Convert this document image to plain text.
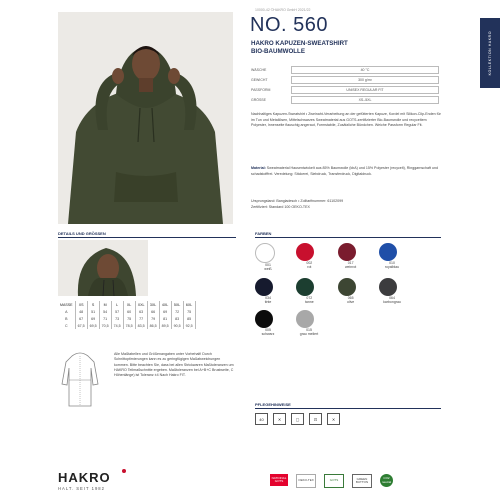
10000-42 ©HAKRO GmbH 2021/22
KOLLEKTION HAKRO
NO. 560
HAKRO KAPUZEN-SWEATSHIRT
BIO-BAUMWOLLE
WÄSCHE	40 °C
GEWICHT	300 g/m²
PASSFORM	UNISEX REGULAR FIT
GRÖSSE	XS–5XL
Nachhaltiges Kapuzen-Sweatshirt • Zweinaht-Verarbeitung an der gefütterten Kapuze, Kordel mit Silikon-Clip-Enden für im Tun und Metallösen, Mittelschwarzes Sweatmaterial aus GOTS-zertifizierter Bio-Baumwolle und recyceltem Polyester, Innenseite flauschig angeraut, Formstabile, Zusätzliche Bündchen. Weiche Passform Regular Fit.
Material: Sweatmaterial Hausentwickelt aus 85% Baumwolle (kbA) und 15% Polyester (recycelt), Ringgarnschaft und schadstofffrei. Veredelung: Stickerei, Siebdruck, Transferdruck, Digitaldruck.
Ursprungsland: Bangladesch • Zolltarifnummer: 61102099
Zertifiziert: Standard 100 OEKO-TEX
DETAILS UND GRÖSSEN
MASSE	XS	S	M	L	XL	XXL	3XL	4XL	5XL	6XL
A	48	51	54	57	60	63	66	69	72	75
B	67	69	71	73	75	77	79	81	83	85
C	67,5	69,5	70,5	74,5	78,5	83,5	86,5	89,5	90,5	92,5
Alle Maßtabellen und Größenangaben unter Vorbehalt! Durch Schnittoptimierungen kann es zu geringfügigen Maßabweichungen kommen. Bitte beachten Sie, dass bei allen Strickwaren Maßtoleranzen um HAKRO Teilmaßschnitte ergeben. Maßtoleranzen bei A+B+C Brustweite, C Höhenlänge) ist Toleranz ±4 Nach Hakro FIT.
FARBEN
001
weiß
002
rot
017
weinrot
010
royalblau
034
tinte
072
tanne
065
olive
064
karbongrau
005
schwarz
015
grau meliert
PFLEGEHINWEISE
40	✕	▢	⊡	✕
HAKRO
HALT. SEIT 1982
NATIONAL GOTS	OEKO-TEX	GOTS	GREEN BUTTON
CO2 neutral
